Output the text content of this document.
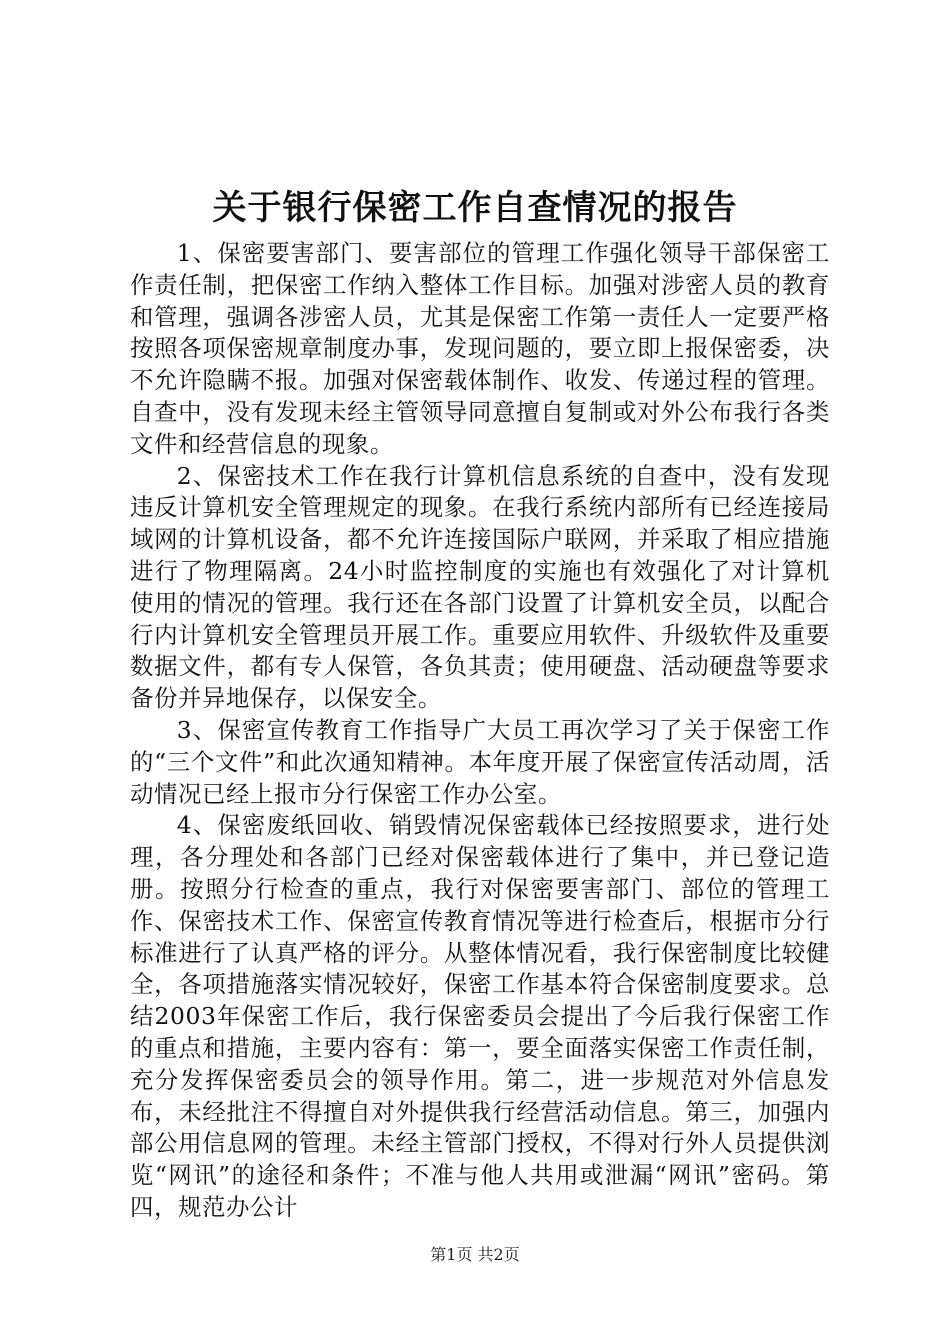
关于银行保密工作自查情况的报告

1、保密要害部门、要害部位的管理工作强化领导干部保密工作责任制，把保密工作纳入整体工作目标。加强对涉密人员的教育和管理，强调各涉密人员，尤其是保密工作第一责任人一定要严格按照各项保密规章制度办事，发现问题的，要立即上报保密委，决不允许隐瞒不报。加强对保密载体制作、收发、传递过程的管理。自查中，没有发现未经主管领导同意擅自复制或对外公布我行各类文件和经营信息的现象。

2、保密技术工作在我行计算机信息系统的自查中，没有发现违反计算机安全管理规定的现象。在我行系统内部所有已经连接局域网的计算机设备，都不允许连接国际户联网，并采取了相应措施进行了物理隔离。24小时监控制度的实施也有效强化了对计算机使用的情况的管理。我行还在各部门设置了计算机安全员，以配合行内计算机安全管理员开展工作。重要应用软件、升级软件及重要数据文件，都有专人保管，各负其责；使用硬盘、活动硬盘等要求备份并异地保存，以保安全。

3、保密宣传教育工作指导广大员工再次学习了关于保密工作的“三个文件”和此次通知精神。本年度开展了保密宣传活动周，活动情况已经上报市分行保密工作办公室。

4、保密废纸回收、销毁情况保密载体已经按照要求，进行处理，各分理处和各部门已经对保密载体进行了集中，并已登记造册。按照分行检查的重点，我行对保密要害部门、部位的管理工作、保密技术工作、保密宣传教育情况等进行检查后，根据市分行标准进行了认真严格的评分。从整体情况看，我行保密制度比较健全，各项措施落实情况较好，保密工作基本符合保密制度要求。总结2003年保密工作后，我行保密委员会提出了今后我行保密工作的重点和措施，主要内容有：第一，要全面落实保密工作责任制，充分发挥保密委员会的领导作用。第二，进一步规范对外信息发布，未经批注不得擅自对外提供我行经营活动信息。第三，加强内部公用信息网的管理。未经主管部门授权，不得对行外人员提供浏览“网讯”的途径和条件；不准与他人共用或泄漏“网讯”密码。第四，规范办公计

第1页 共2页
